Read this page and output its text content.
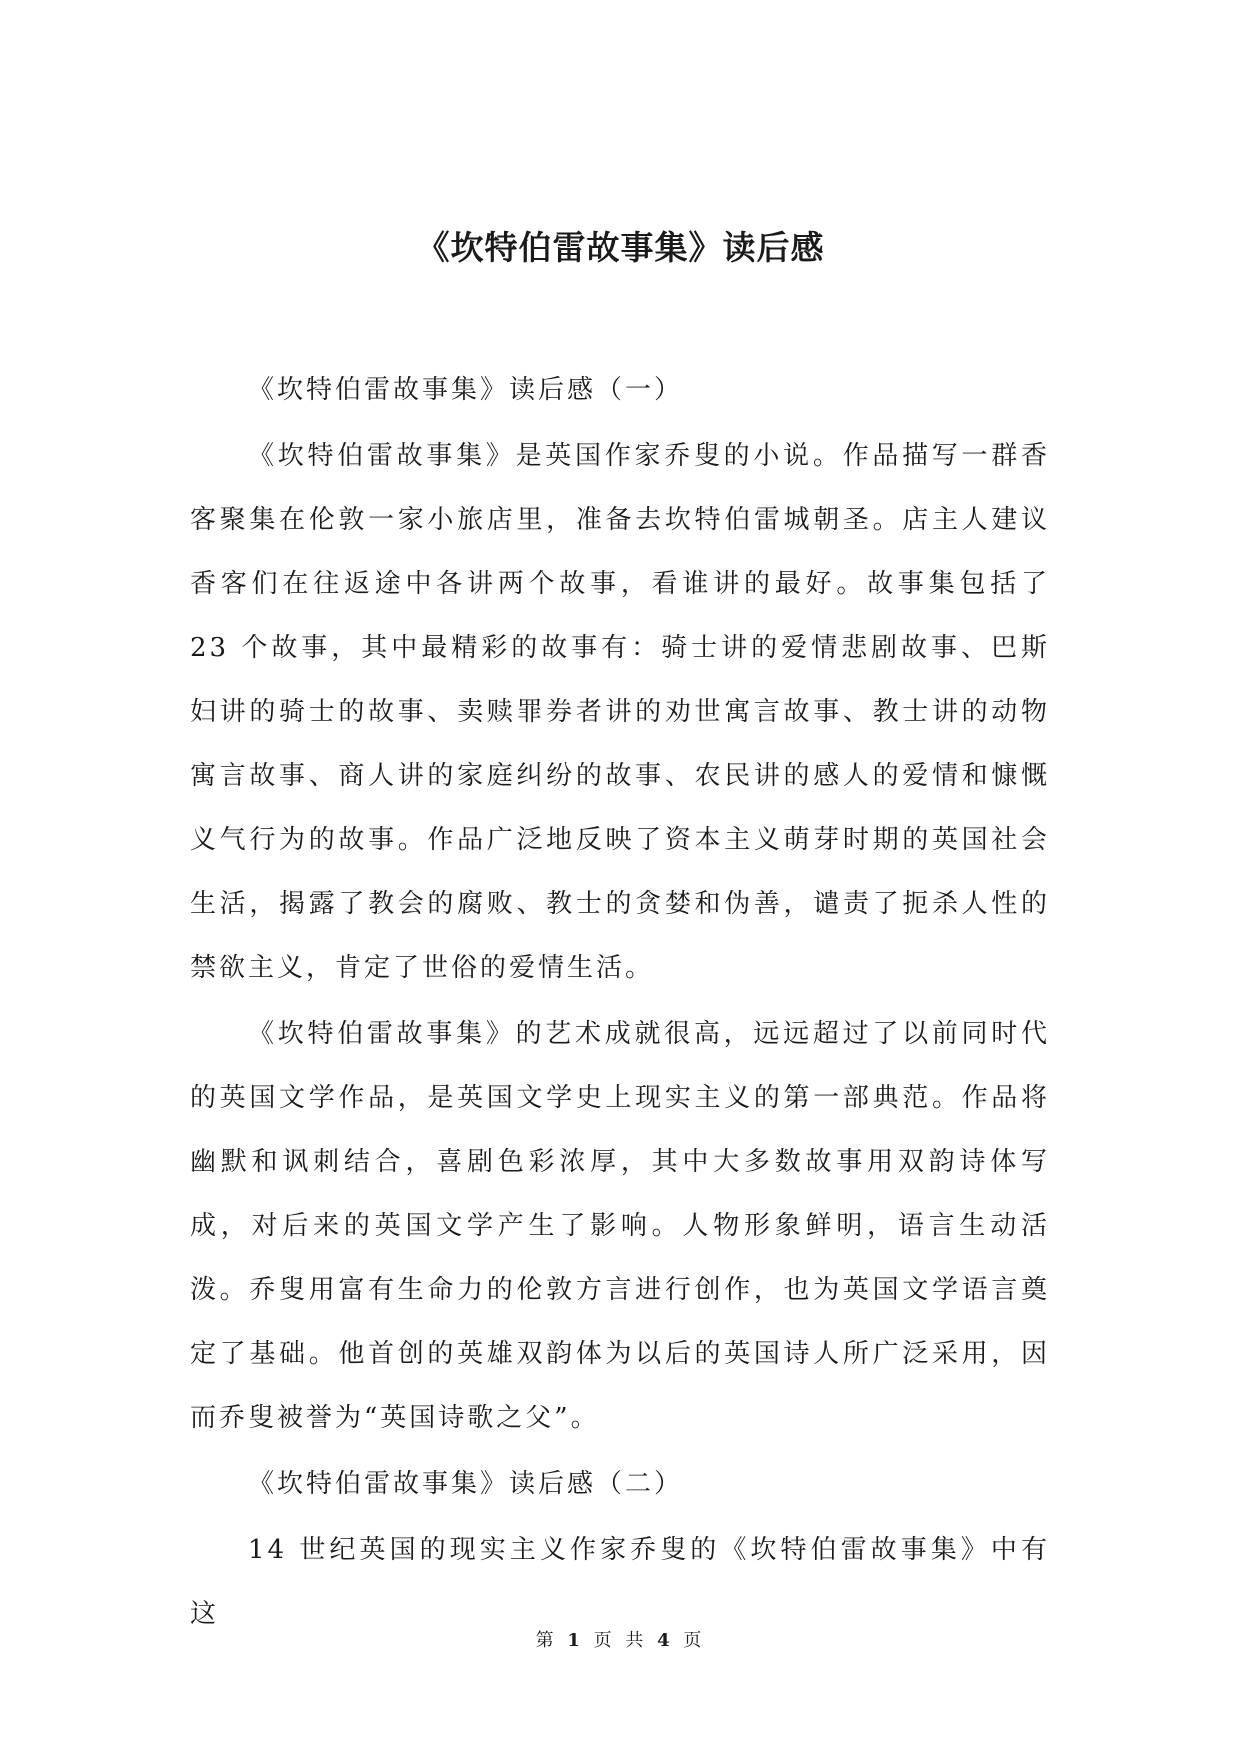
《坎特伯雷故事集》读后感

《坎特伯雷故事集》读后感（一）

《坎特伯雷故事集》是英国作家乔叟的小说。作品描写一群香客聚集在伦敦一家小旅店里，准备去坎特伯雷城朝圣。店主人建议香客们在往返途中各讲两个故事，看谁讲的最好。故事集包括了 23 个故事，其中最精彩的故事有：骑士讲的爱情悲剧故事、巴斯妇讲的骑士的故事、卖赎罪券者讲的劝世寓言故事、教士讲的动物寓言故事、商人讲的家庭纠纷的故事、农民讲的感人的爱情和慷慨义气行为的故事。作品广泛地反映了资本主义萌芽时期的英国社会生活，揭露了教会的腐败、教士的贪婪和伪善，谴责了扼杀人性的禁欲主义，肯定了世俗的爱情生活。

《坎特伯雷故事集》的艺术成就很高，远远超过了以前同时代的英国文学作品，是英国文学史上现实主义的第一部典范。作品将幽默和讽刺结合，喜剧色彩浓厚，其中大多数故事用双韵诗体写成，对后来的英国文学产生了影响。人物形象鲜明，语言生动活泼。乔叟用富有生命力的伦敦方言进行创作，也为英国文学语言奠定了基础。他首创的英雄双韵体为以后的英国诗人所广泛采用，因而乔叟被誉为“英国诗歌之父”。

《坎特伯雷故事集》读后感（二）

14 世纪英国的现实主义作家乔叟的《坎特伯雷故事集》中有这

第 1 页 共 4 页
